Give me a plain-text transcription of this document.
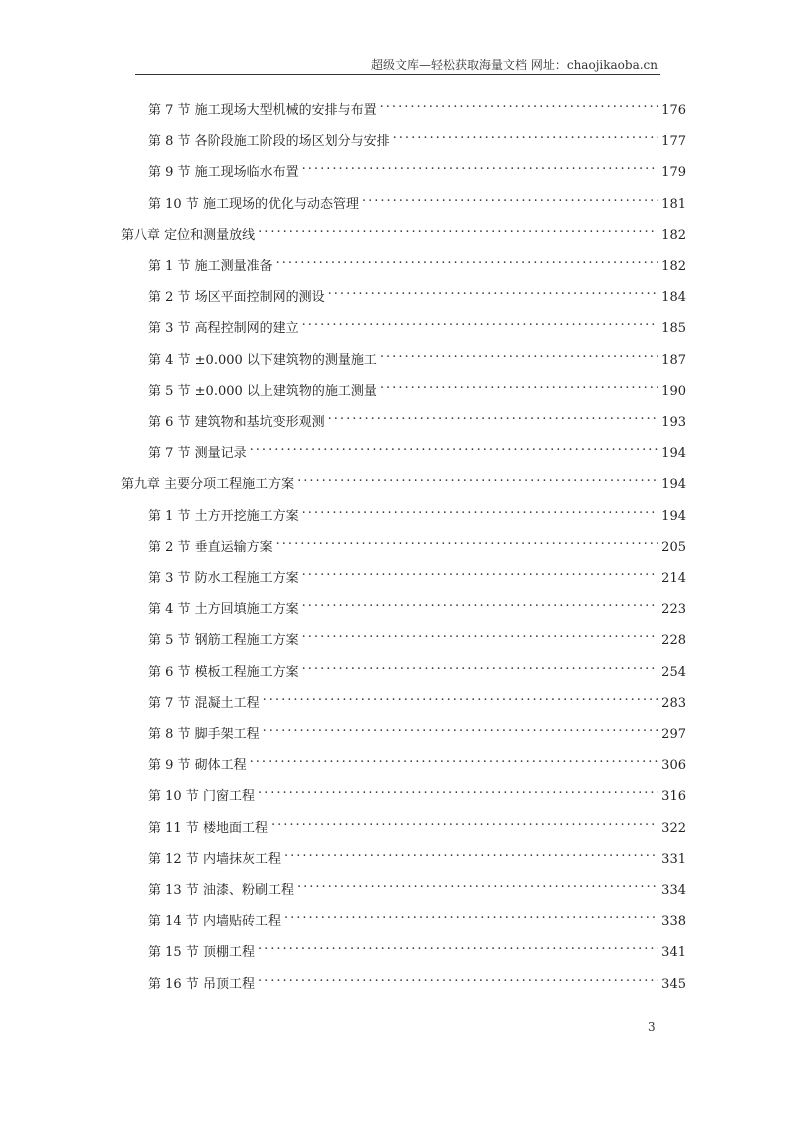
超级文库—轻松获取海量文档 网址：chaojikaoba.cn
第 7 节 施工现场大型机械的安排与布置 .....	176
第 8 节 各阶段施工阶段的场区划分与安排 .....	177
第 9 节 施工现场临水布置 .....	179
第 10 节 施工现场的优化与动态管理 .....	181
第八章 定位和测量放线 .....	182
第 1 节 施工测量准备 .....	182
第 2 节 场区平面控制网的测设 .....	184
第 3 节 高程控制网的建立 .....	185
第 4 节 ±0.000 以下建筑物的测量施工 .....	187
第 5 节 ±0.000 以上建筑物的施工测量 .....	190
第 6 节 建筑物和基坑变形观测 .....	193
第 7 节 测量记录 .....	194
第九章 主要分项工程施工方案 .....	194
第 1 节 土方开挖施工方案 .....	194
第 2 节 垂直运输方案 .....	205
第 3 节 防水工程施工方案 .....	214
第 4 节 土方回填施工方案 .....	223
第 5 节 钢筋工程施工方案 .....	228
第 6 节 模板工程施工方案 .....	254
第 7 节 混凝土工程 .....	283
第 8 节 脚手架工程 .....	297
第 9 节 砌体工程 .....	306
第 10 节 门窗工程 .....	316
第 11 节 楼地面工程 .....	322
第 12 节 内墙抹灰工程 .....	331
第 13 节 油漆、粉刷工程 .....	334
第 14 节 内墙贴砖工程 .....	338
第 15 节 顶棚工程 .....	341
第 16 节 吊顶工程 .....	345
3
